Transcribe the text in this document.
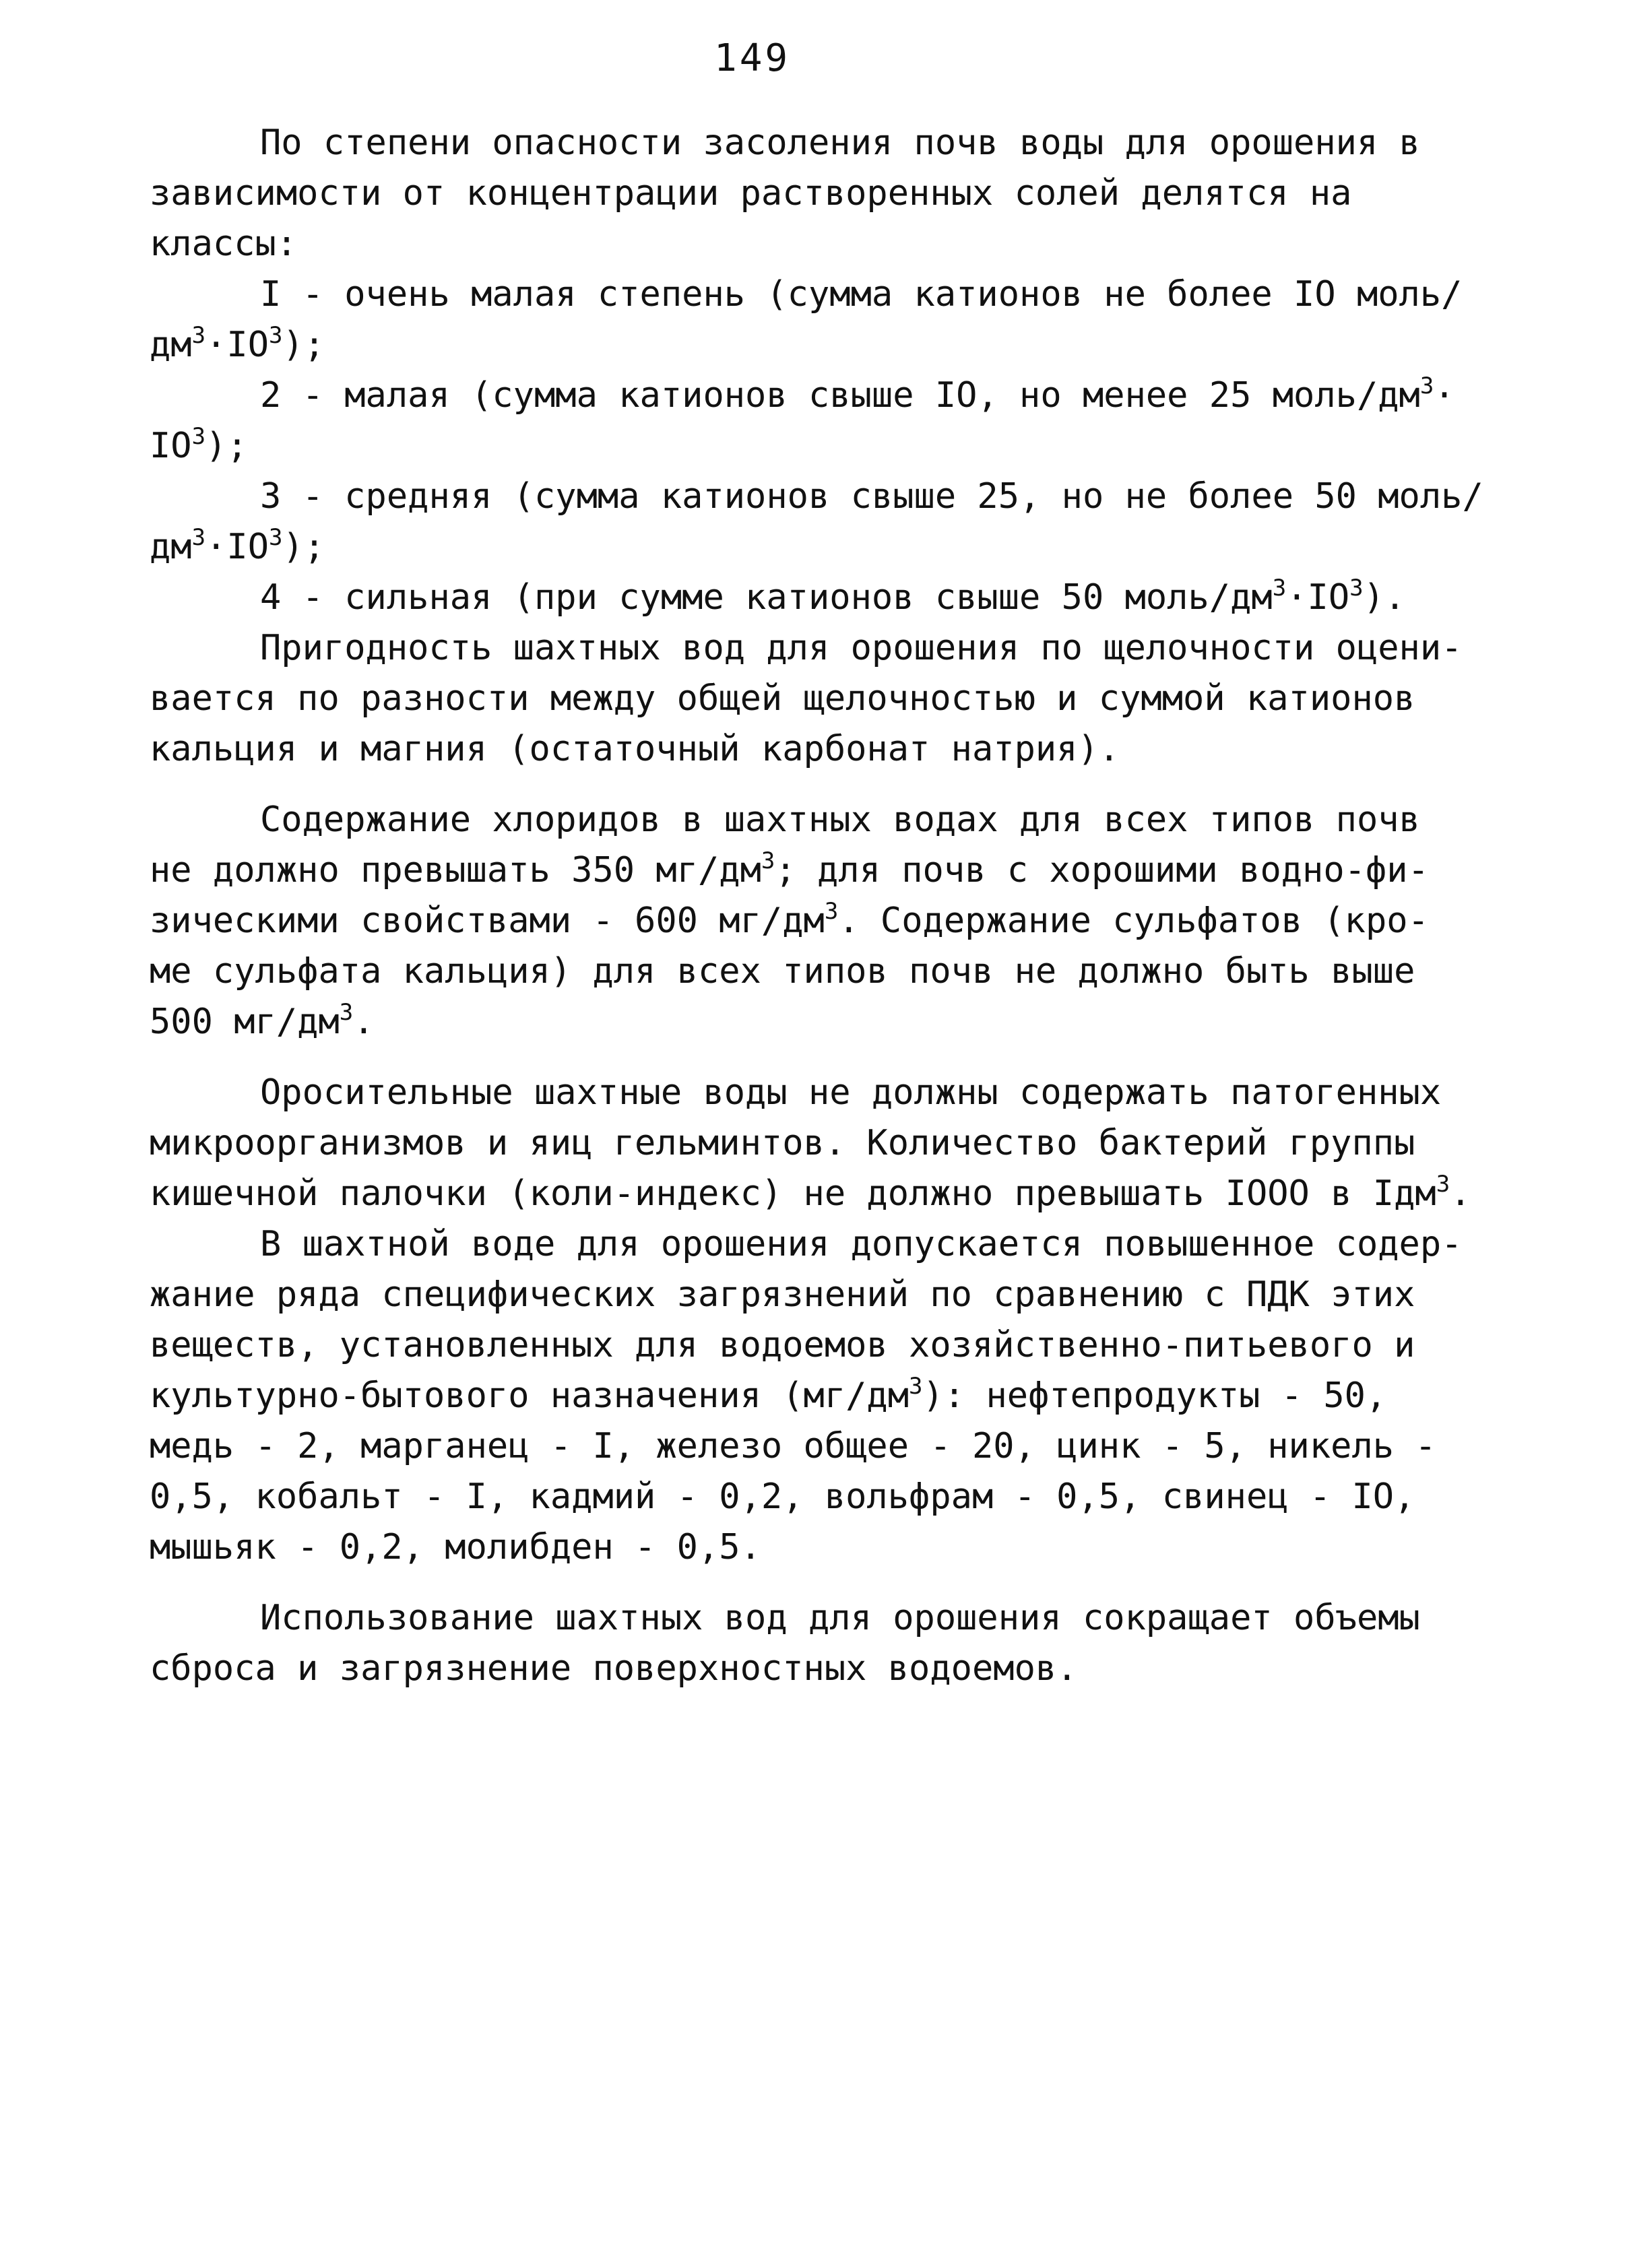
149
По степени опасности засоления почв воды для орошения в
зависимости от концентрации растворенных солей делятся на
классы:
I - очень малая степень (сумма катионов не более IO моль/
$дм^3\cdot IO^3$);
2 - малая (сумма катионов свыше IO, но менее 25 моль/$дм^3\cdot$
$IO^3$);
3 - средняя (сумма катионов свыше 25, но не более 50 моль/
$дм^3\cdot IO^3$);
4 - сильная (при сумме катионов свыше 50 моль/$дм^3\cdot IO^3$).
Пригодность шахтных вод для орошения по щелочности оцени-
вается по разности между общей щелочностью и суммой катионов
кальция и магния (остаточный карбонат натрия).
Содержание хлоридов в шахтных водах для всех типов почв
не должно превышать 350 $мг/дм^3$; для почв с хорошими водно-фи-
зическими свойствами - 600 $мг/дм^3$. Содержание сульфатов (кро-
ме сульфата кальция) для всех типов почв не должно быть выше
500 $мг/дм^3$.
Оросительные шахтные воды не должны содержать патогенных
микроорганизмов и яиц гельминтов. Количество бактерий группы
кишечной палочки (коли-индекс) не должно превышать IOOO в Iдм$^3$.
В шахтной воде для орошения допускается повышенное содер-
жание ряда специфических загрязнений по сравнению с ПДК этих
веществ, установленных для водоемов хозяйственно-питьевого и
культурно-бытового назначения $(мг/дм^3)$: нефтепродукты - 50,
медь - 2, марганец - I, железо общее - 20, цинк - 5, никель -
0,5, кобальт - I, кадмий - 0,2, вольфрам - 0,5, свинец - IO,
мышьяк - 0,2, молибден - 0,5.
Использование шахтных вод для орошения сокращает объемы
сброса и загрязнение поверхностных водоемов.
